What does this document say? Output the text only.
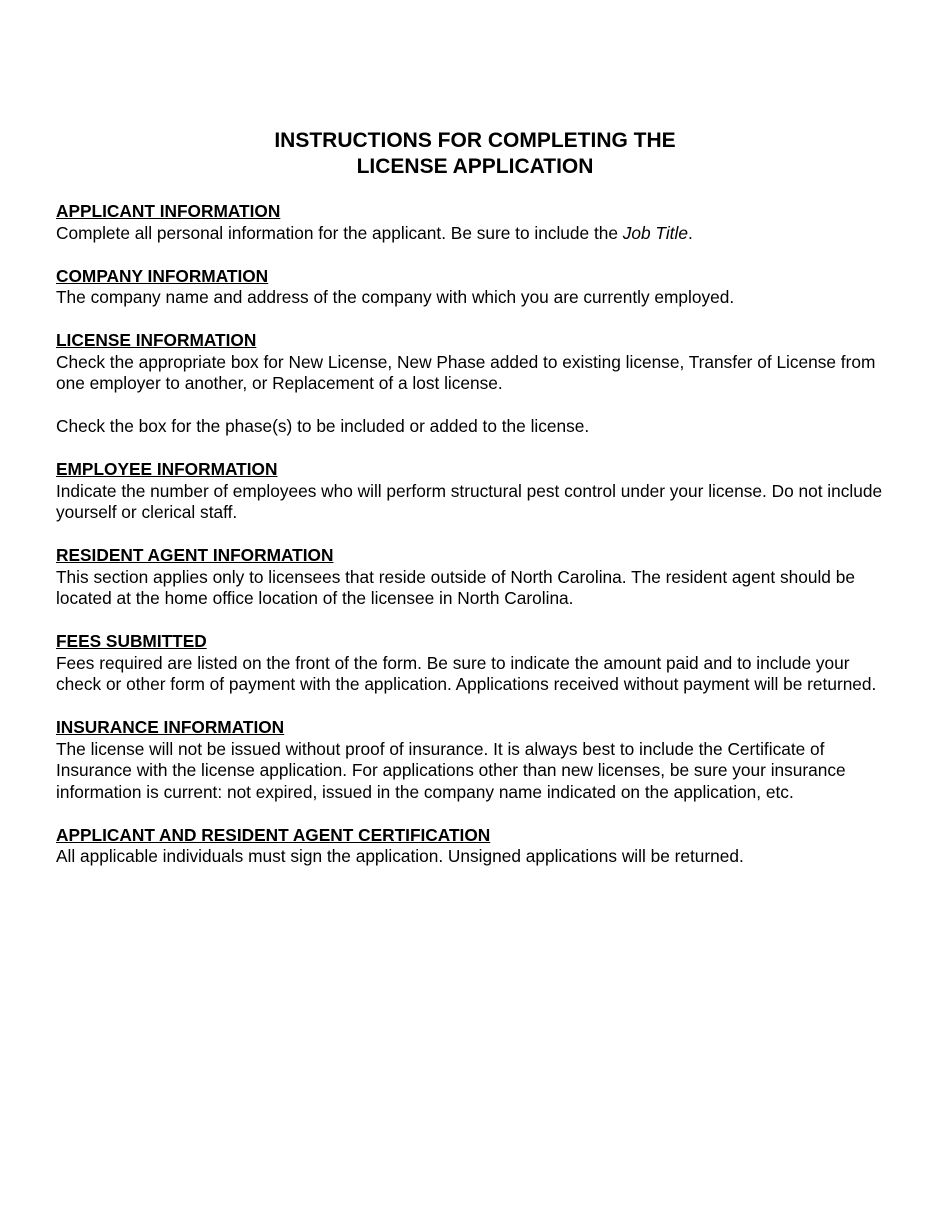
INSTRUCTIONS FOR COMPLETING THE
LICENSE APPLICATION

APPLICANT INFORMATION

Complete all personal information for the applicant. Be sure to include the Job Title.

COMPANY INFORMATION

The company name and address of the company with which you are currently employed.

LICENSE INFORMATION

Check the appropriate box for New License, New Phase added to existing license, Transfer of License from one employer to another, or Replacement of a lost license.

Check the box for the phase(s) to be included or added to the license.

EMPLOYEE INFORMATION

Indicate the number of employees who will perform structural pest control under your license. Do not include yourself or clerical staff.

RESIDENT AGENT INFORMATION

This section applies only to licensees that reside outside of North Carolina. The resident agent should be located at the home office location of the licensee in North Carolina.

FEES SUBMITTED

Fees required are listed on the front of the form. Be sure to indicate the amount paid and to include your check or other form of payment with the application. Applications received without payment will be returned.

INSURANCE INFORMATION

The license will not be issued without proof of insurance. It is always best to include the Certificate of Insurance with the license application. For applications other than new licenses, be sure your insurance information is current: not expired, issued in the company name indicated on the application, etc.

APPLICANT AND RESIDENT AGENT CERTIFICATION

All applicable individuals must sign the application. Unsigned applications will be returned.
